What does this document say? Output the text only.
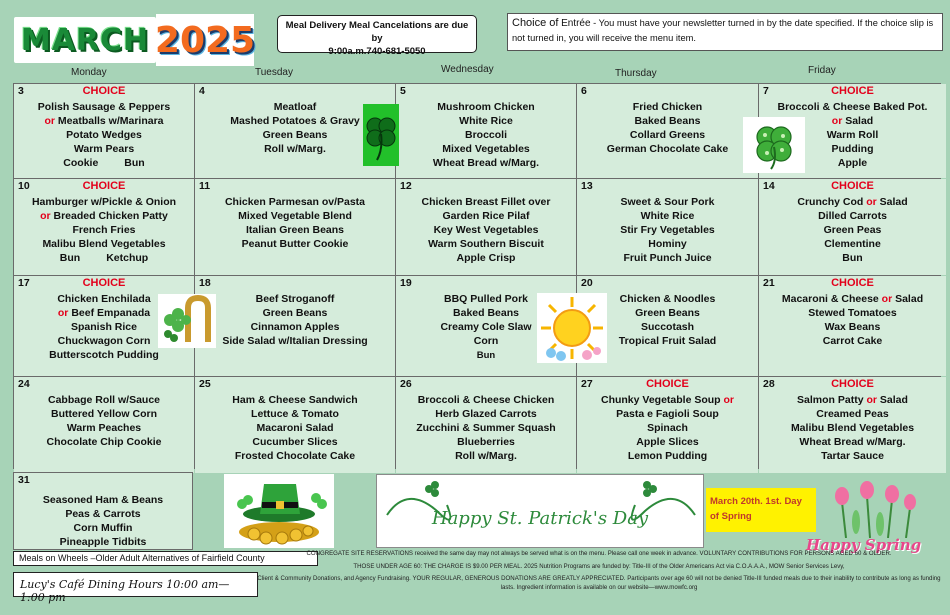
MARCH 2025	Meal Delivery Meal Cancelations are due by
9:00a.m.740-681-5050
Choice of Entrée - You must have your newsletter turned in by the date specified. If the choice slip is not turned in, you will receive the menu item.
Monday	Tuesday	Wednesday	Thursday	Friday
3	CHOICE
Polish Sausage & Peppers
or Meatballs w/Marinara
Potato Wedges
Warm Pears
Cookie Bun
4
Meatloaf
Mashed Potatoes & Gravy
Green Beans
Roll w/Marg.
5
Mushroom Chicken
White Rice
Broccoli
Mixed Vegetables
Wheat Bread w/Marg.
6
Fried Chicken
Baked Beans
Collard Greens
German Chocolate Cake
7	CHOICE
Broccoli & Cheese Baked Pot.
or Salad
Warm Roll
Pudding
Apple
10	CHOICE
Hamburger w/Pickle & Onion
or Breaded Chicken Patty
French Fries
Malibu Blend Vegetables
Bun Ketchup
11
Chicken Parmesan ov/Pasta
Mixed Vegetable Blend
Italian Green Beans
Peanut Butter Cookie
12
Chicken Breast Fillet over
Garden Rice Pilaf
Key West Vegetables
Warm Southern Biscuit
Apple Crisp
13
Sweet & Sour Pork
White Rice
Stir Fry Vegetables
Hominy
Fruit Punch Juice
14	CHOICE
Crunchy Cod or Salad
Dilled Carrots
Green Peas
Clementine
Bun
17	CHOICE
Chicken Enchilada
or Beef Empanada
Spanish Rice
Chuckwagon Corn
Butterscotch Pudding
18
Beef Stroganoff
Green Beans
Cinnamon Apples
Side Salad w/Italian Dressing
19
BBQ Pulled Pork
Baked Beans
Creamy Cole Slaw
Corn
Bun
20
Chicken & Noodles
Green Beans
Succotash
Tropical Fruit Salad
21	CHOICE
Macaroni & Cheese or Salad
Stewed Tomatoes
Wax Beans
Carrot Cake
24
Cabbage Roll w/Sauce
Buttered Yellow Corn
Warm Peaches
Chocolate Chip Cookie
25
Ham & Cheese Sandwich
Lettuce & Tomato
Macaroni Salad
Cucumber Slices
Frosted Chocolate Cake
26
Broccoli & Cheese Chicken
Herb Glazed Carrots
Zucchini & Summer Squash
Blueberries
Roll w/Marg.
27	CHOICE
Chunky Vegetable Soup or
Pasta e Fagioli Soup
Spinach
Apple Slices
Lemon Pudding
28	CHOICE
Salmon Patty or Salad
Creamed Peas
Malibu Blend Vegetables
Wheat Bread w/Marg.
Tartar Sauce
31
Seasoned Ham & Beans
Peas & Carrots
Corn Muffin
Pineapple Tidbits
Happy St. Patrick's Day
March 20th. 1st. Day of Spring
Happy Spring
Meals on Wheels –Older Adult Alternatives of Fairfield County
Lucy's Café Dining Hours 10:00 am—1:00 pm
CONGREGATE SITE RESERVATIONS received the same day may not always be served what is on the menu. Please call one week in advance. VOLUNTARY CONTRIBUTIONS FOR PERSONS AGED 60 & OLDER.
THOSE UNDER AGE 60: THE CHARGE IS $9.00 PER MEAL. 2025 Nutrition Programs are funded by: Title-III of the Older Americans Act via C.O.A.A.A., MOW Senior Services Levy,
Client & Community Donations, and Agency Fundraising. YOUR REGULAR, GENEROUS DONATIONS ARE GREATLY APPRECIATED. Participants over age 60 will not be denied Title-III funded meals due to their inability to contribute as long as funding lasts. Ingredient information is available on our website—www.mowfc.org
